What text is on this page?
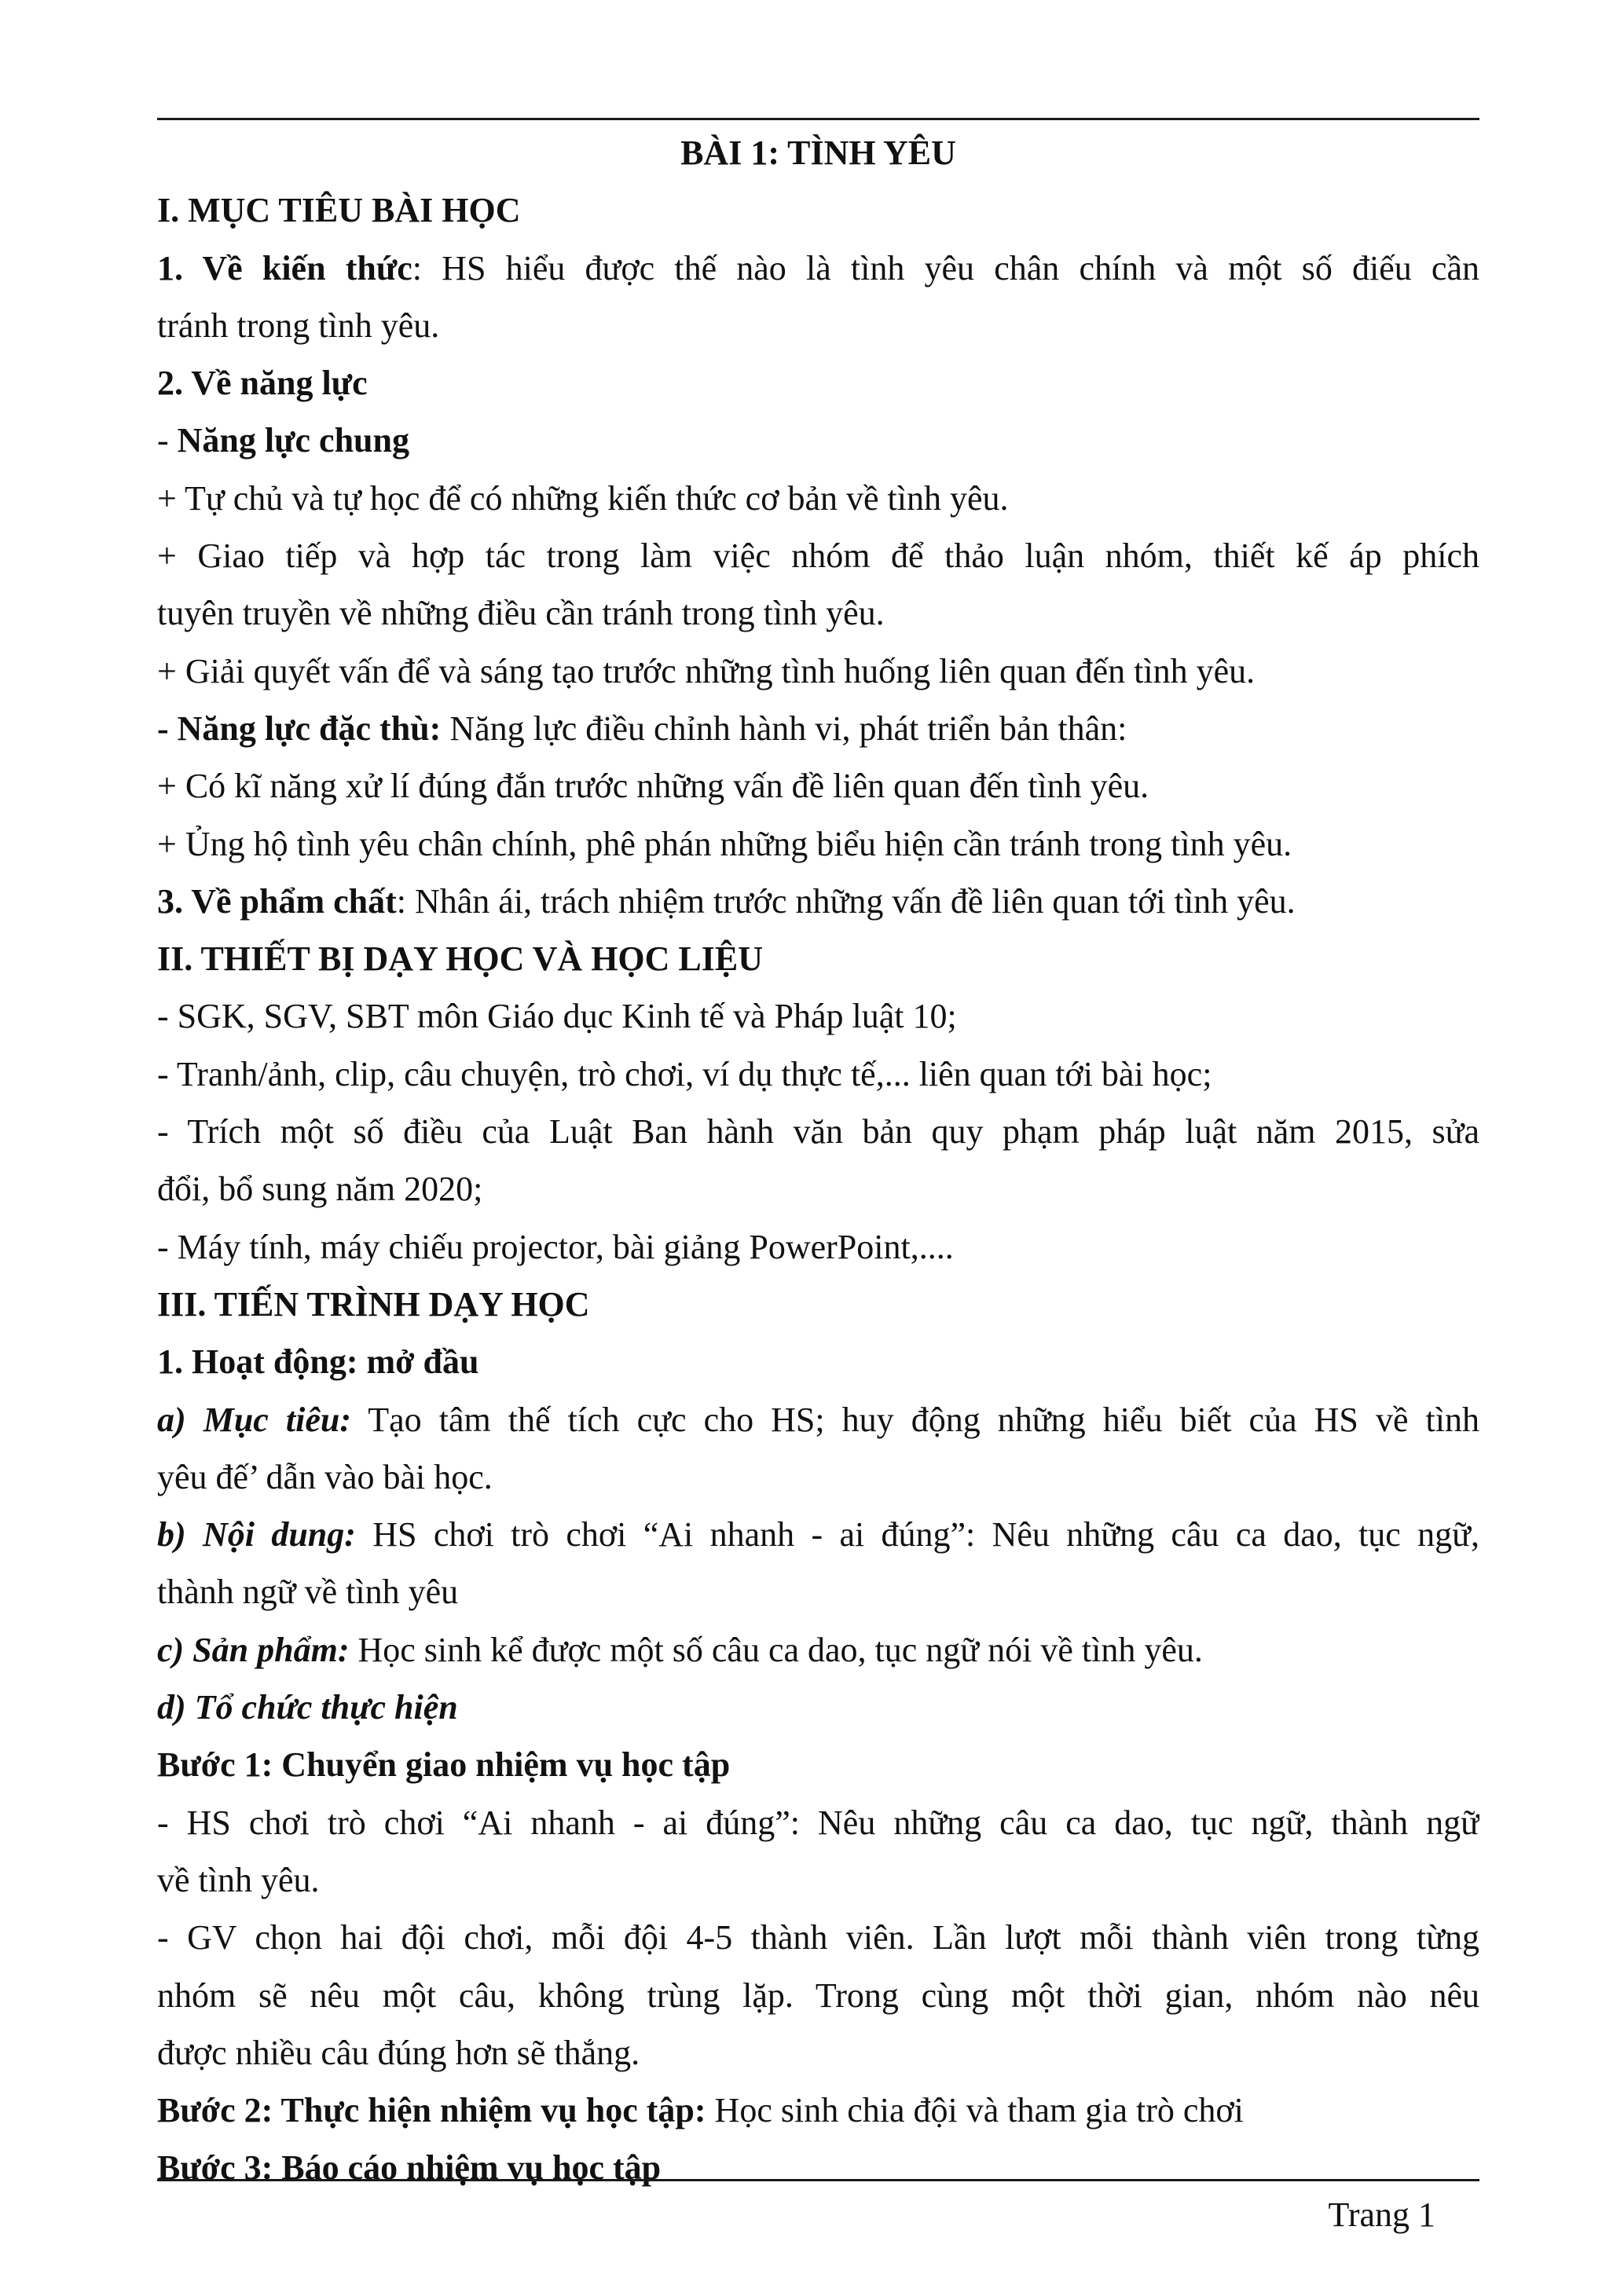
BÀI 1: TÌNH YÊU
I. MỤC TIÊU BÀI HỌC
1. Về kiến thức: HS hiểu được thế nào là tình yêu chân chính và một số điếu cần
tránh trong tình yêu.
2. Về năng lực
- Năng lực chung
+ Tự chủ và tự học để có những kiến thức cơ bản về tình yêu.
+ Giao tiếp và hợp tác trong làm việc nhóm để thảo luận nhóm, thiết kế áp phích
tuyên truyền về những điều cần tránh trong tình yêu.
+ Giải quyết vấn để và sáng tạo trước những tình huống liên quan đến tình yêu.
- Năng lực đặc thù: Năng lực điều chỉnh hành vi, phát triển bản thân:
+ Có kĩ năng xử lí đúng đắn trước những vấn đề liên quan đến tình yêu.
+ Ủng hộ tình yêu chân chính, phê phán những biểu hiện cần tránh trong tình yêu.
3. Về phẩm chất: Nhân ái, trách nhiệm trước những vấn đề liên quan tới tình yêu.
II. THIẾT BỊ DẠY HỌC VÀ HỌC LIỆU
- SGK, SGV, SBT môn Giáo dục Kinh tế và Pháp luật 10;
- Tranh/ảnh, clip, câu chuyện, trò chơi, ví dụ thực tế,... liên quan tới bài học;
- Trích một số điều của Luật Ban hành văn bản quy phạm pháp luật năm 2015, sửa
đổi, bổ sung năm 2020;
- Máy tính, máy chiếu projector, bài giảng PowerPoint,....
III. TIẾN TRÌNH DẠY HỌC
1. Hoạt động: mở đầu
a) Mục tiêu: Tạo tâm thế tích cực cho HS; huy động những hiểu biết của HS về tình
yêu đế’ dẫn vào bài học.
b) Nội dung: HS chơi trò chơi “Ai nhanh - ai đúng”: Nêu những câu ca dao, tục ngữ,
thành ngữ về tình yêu
c) Sản phẩm: Học sinh kể được một số câu ca dao, tục ngữ nói về tình yêu.
d) Tổ chức thực hiện
Bước 1: Chuyển giao nhiệm vụ học tập
- HS chơi trò chơi “Ai nhanh - ai đúng”: Nêu những câu ca dao, tục ngữ, thành ngữ
về tình yêu.
- GV chọn hai đội chơi, mỗi đội 4-5 thành viên. Lần lượt mỗi thành viên trong từng
nhóm sẽ nêu một câu, không trùng lặp. Trong cùng một thời gian, nhóm nào nêu
được nhiều câu đúng hơn sẽ thắng.
Bước 2: Thực hiện nhiệm vụ học tập: Học sinh chia đội và tham gia trò chơi
Bước 3: Báo cáo nhiệm vụ học tập
Trang 1
